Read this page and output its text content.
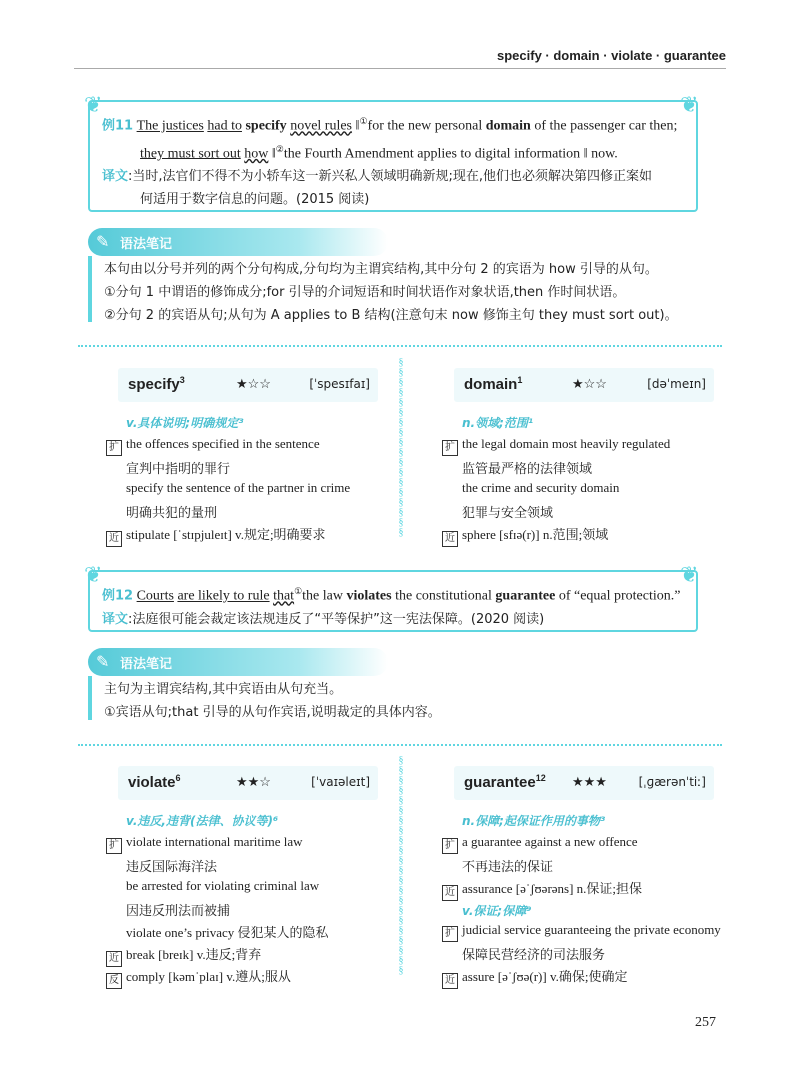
specify · domain · violate · guarantee
❦	❦
例11 The justices had to specify novel rules ‖①for the new personal domain of the passenger car then;
they must sort out how ‖②the Fourth Amendment applies to digital information ‖ now.
译文:当时,法官们不得不为小轿车这一新兴私人领域明确新规;现在,他们也必须解决第四修正案如
何适用于数字信息的问题。(2015 阅读)
✎ 语法笔记
本句由以分号并列的两个分句构成,分句均为主谓宾结构,其中分句 2 的宾语为 how 引导的从句。
①分句 1 中谓语的修饰成分;for 引导的介词短语和时间状语作对象状语,then 作时间状语。
②分句 2 的宾语从句;从句为 A applies to B 结构(注意句末 now 修饰主句 they must sort out)。
§
§
§
§
§
§
§
§
§
§
§
§
§
§
§
§
§
§
§
§
§
§
§
§
§
§
§
§
§
§
§
§
§
§
§
§
§
§
§
§
specify$^3$	★☆☆	[ˈspesɪfaɪ]
v.具体说明;明确规定³
扩 the offences specified in the sentence
宣判中指明的罪行
specify the sentence of the partner in crime
明确共犯的量刑
近 stipulate [ˈstɪpjuleɪt] v.规定;明确要求
domain$^1$	★☆☆	[dəˈmeɪn]
n.领域;范围¹
扩 the legal domain most heavily regulated
监管最严格的法律领域
the crime and security domain
犯罪与安全领域
近 sphere [sfɪə(r)] n.范围;领域
❦	❦
例12 Courts are likely to rule that①the law violates the constitutional guarantee of “equal protection.”
译文:法庭很可能会裁定该法规违反了“平等保护”这一宪法保障。(2020 阅读)
✎ 语法笔记
主句为主谓宾结构,其中宾语由从句充当。
①宾语从句;that 引导的从句作宾语,说明裁定的具体内容。
violate$^6$	★★☆	[ˈvaɪəleɪt]
v.违反,违背(法律、协议等)⁶
扩 violate international maritime law
违反国际海洋法
be arrested for violating criminal law
因违反刑法而被捕
violate one’s privacy 侵犯某人的隐私
近 break [breɪk] v.违反;背弃
反 comply [kəmˈplaɪ] v.遵从;服从
guarantee$^{12}$ ★★★	[ˌɡærənˈtiː]
n.保障;起保证作用的事物³
扩 a guarantee against a new offence
不再违法的保证
近 assurance [əˈʃʊərəns] n.保证;担保
v.保证;保障⁹
扩 judicial service guaranteeing the private economy
保障民营经济的司法服务
近 assure [əˈʃʊə(r)] v.确保;使确定
257
